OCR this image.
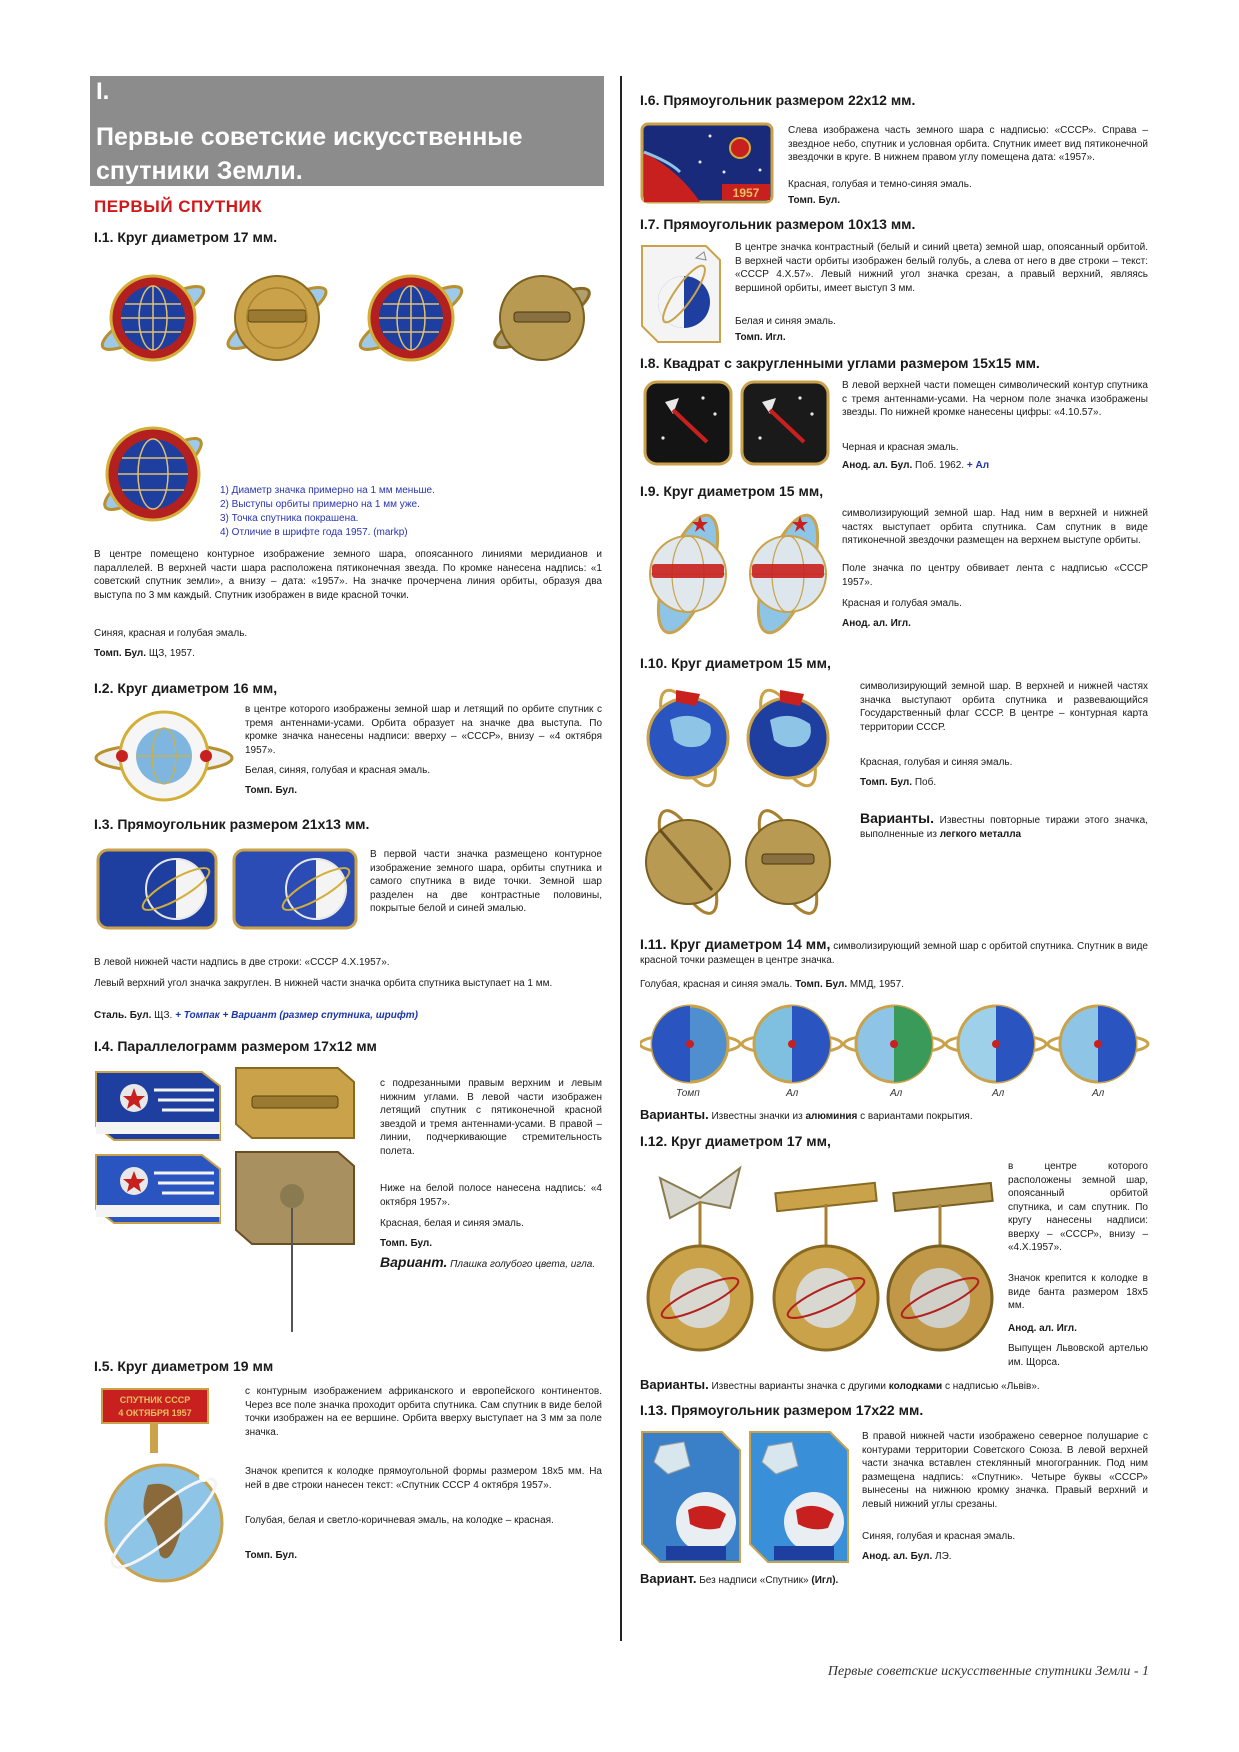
I.
Первые советские искусственные спутники Земли.
ПЕРВЫЙ СПУТНИК
I.1. Круг диаметром 17 мм.
1) Диаметр значка примерно на 1 мм меньше.
2) Выступы орбиты примерно на 1 мм уже.
3) Точка спутника покрашена.
4) Отличие в шрифте года 1957. (markp)
В центре помещено контурное изображение земного шара, опоясанного линиями меридианов и параллелей. В верхней части шара расположена пятиконечная звезда. По кромке нанесена надпись: «1 советский спутник земли», а внизу – дата: «1957». На значке прочерчена линия орбиты, образуя два выступа по 3 мм каждый. Спутник изображен в виде красной точки.
Синяя, красная и голубая эмаль.
Томп. Бул. ЩЗ, 1957.
I.2. Круг диаметром 16 мм,
в центре которого изображены земной шар и летящий по орбите спутник с тремя антеннами-усами. Орбита образует на значке два выступа. По кромке значка нанесены надписи: вверху – «СССР», внизу – «4 октября 1957».
Белая, синяя, голубая и красная эмаль.
Томп. Бул.
I.3. Прямоугольник размером 21х13 мм.
В первой части значка размещено контурное изображение земного шара, орбиты спутника и самого спутника в виде точки. Земной шар разделен на две контрастные половины, покрытые белой и синей эмалью.
В левой нижней части надпись в две строки: «СССР 4.Х.1957».
Левый верхний угол значка закруглен. В нижней части значка орбита спутника выступает на 1 мм.
Сталь. Бул. ЩЗ. + Томпак + Вариант (размер спутника, шрифт)
I.4. Параллелограмм размером 17х12 мм
с подрезанными правым верхним и левым нижним углами. В левой части изображен летящий спутник с пятиконечной красной звездой и тремя антеннами-усами. В правой – линии, подчеркивающие стремительность полета.
Ниже на белой полосе нанесена надпись: «4 октября 1957».
Красная, белая и синяя эмаль.
Томп. Бул.
Вариант. Плашка голубого цвета, игла.
I.5. Круг диаметром 19 мм
СПУТНИК СССР
4 ОКТЯБРЯ 1957
с контурным изображением африканского и европейского континентов. Через все поле значка проходит орбита спутника. Сам спутник в виде белой точки изображен на ее вершине. Орбита вверху выступает на 3 мм за поле значка.
Значок крепится к колодке прямоугольной формы размером 18х5 мм. На ней в две строки нанесен текст: «Спутник СССР 4 октября 1957».
Голубая, белая и светло-коричневая эмаль, на колодке – красная.
Томп. Бул.
I.6. Прямоугольник размером 22х12 мм.
1957
Слева изображена часть земного шара с надписью: «СССР». Справа – звездное небо, спутник и условная орбита. Спутник имеет вид пятиконечной звездочки в круге. В нижнем правом углу помещена дата: «1957».
Красная, голубая и темно-синяя эмаль.
Томп. Бул.
I.7. Прямоугольник размером 10х13 мм.
В центре значка контрастный (белый и синий цвета) земной шар, опоясанный орбитой. В верхней части орбиты изображен белый голубь, а слева от него в две строки – текст: «СССР 4.Х.57». Левый нижний угол значка срезан, а правый верхний, являясь вершиной орбиты, имеет выступ 3 мм.
Белая и синяя эмаль.
Томп. Игл.
I.8. Квадрат с закругленными углами размером 15х15 мм.
В левой верхней части помещен символический контур спутника с тремя антеннами-усами. На черном поле значка изображены звезды. По нижней кромке нанесены цифры: «4.10.57».
Черная и красная эмаль.
Анод. ал. Бул. Поб. 1962. + Ал
I.9. Круг диаметром 15 мм,
символизирующий земной шар. Над ним в верхней и нижней частях выступает орбита спутника. Сам спутник в виде пятиконечной звездочки размещен на верхнем выступе орбиты.
Поле значка по центру обвивает лента с надписью «СССР 1957».
Красная и голубая эмаль.
Анод. ал. Игл.
I.10. Круг диаметром 15 мм,
символизирующий земной шар. В верхней и нижней частях значка выступают орбита спутника и развевающийся Государственный флаг СССР. В центре – контурная карта территории СССР.
Красная, голубая и синяя эмаль.
Томп. Бул. Поб.
Варианты. Известны повторные тиражи этого значка, выполненные из легкого металла
I.11. Круг диаметром 14 мм, символизирующий земной шар с орбитой спутника. Спутник в виде красной точки размещен в центре значка.
Голубая, красная и синяя эмаль. Томп. Бул. ММД, 1957.
Томп	Ал	Ал	Ал	Ал
Варианты. Известны значки из алюминия с вариантами покрытия.
I.12. Круг диаметром 17 мм,
в центре которого расположены земной шар, опоясанный орбитой спутника, и сам спутник. По кругу нанесены надписи: вверху – «СССР», внизу – «4.Х.1957».
Значок крепится к колодке в виде банта размером 18х5 мм.
Анод. ал. Игл.
Выпущен Львовской артелью им. Щорса.
Варианты. Известны варианты значка с другими колодками с надписью «Львів».
I.13. Прямоугольник размером 17х22 мм.
В правой нижней части изображено северное полушарие с контурами территории Советского Союза. В левой верхней части значка вставлен стеклянный многогранник. Под ним размещена надпись: «Спутник». Четыре буквы «СССР» вынесены на нижнюю кромку значка. Правый верхний и левый нижний углы срезаны.
Синяя, голубая и красная эмаль.
Анод. ал. Бул. ЛЭ.
Вариант. Без надписи «Спутник» (Игл).
Первые советские искусственные спутники Земли - 1
